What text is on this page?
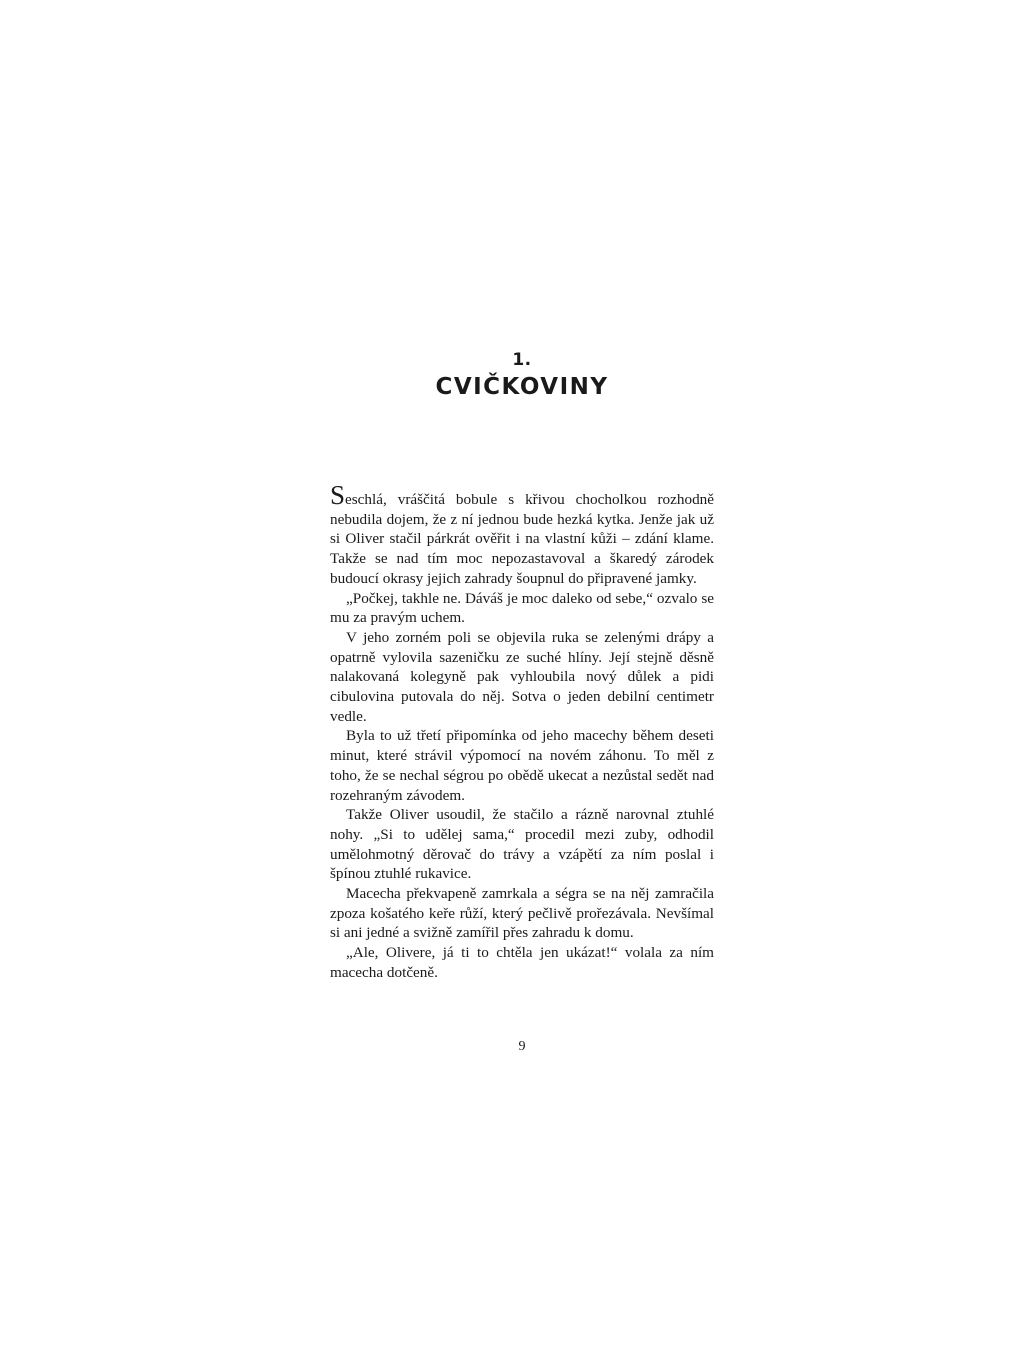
1.
CVIČKOVINY

Seschlá, vráščitá bobule s křivou chocholkou rozhodně nebudila dojem, že z ní jednou bude hezká kytka. Jenže jak už si Oliver stačil párkrát ověřit i na vlastní kůži – zdání klame. Takže se nad tím moc nepozastavoval a škaredý zárodek budoucí okrasy jejich zahrady šoupnul do připravené jamky.

„Počkej, takhle ne. Dáváš je moc daleko od sebe,“ ozvalo se mu za pravým uchem.

V jeho zorném poli se objevila ruka se zelenými drápy a opatrně vylovila sazeničku ze suché hlíny. Její stejně děsně nalakovaná kolegyně pak vyhloubila nový důlek a pidi cibulovina putovala do něj. Sotva o jeden debilní centimetr vedle.

Byla to už třetí připomínka od jeho macechy během deseti minut, které strávil výpomocí na novém záhonu. To měl z toho, že se nechal ségrou po obědě ukecat a nezůstal sedět nad rozehraným závodem.

Takže Oliver usoudil, že stačilo a rázně narovnal ztuhlé nohy. „Si to udělej sama,“ procedil mezi zuby, odhodil umělohmotný děrovač do trávy a vzápětí za ním poslal i špínou ztuhlé rukavice.

Macecha překvapeně zamrkala a ségra se na něj zamračila zpoza košatého keře růží, který pečlivě prořezávala. Nevšímal si ani jedné a svižně zamířil přes zahradu k domu.

„Ale, Olivere, já ti to chtěla jen ukázat!“ volala za ním macecha dotčeně.

9
